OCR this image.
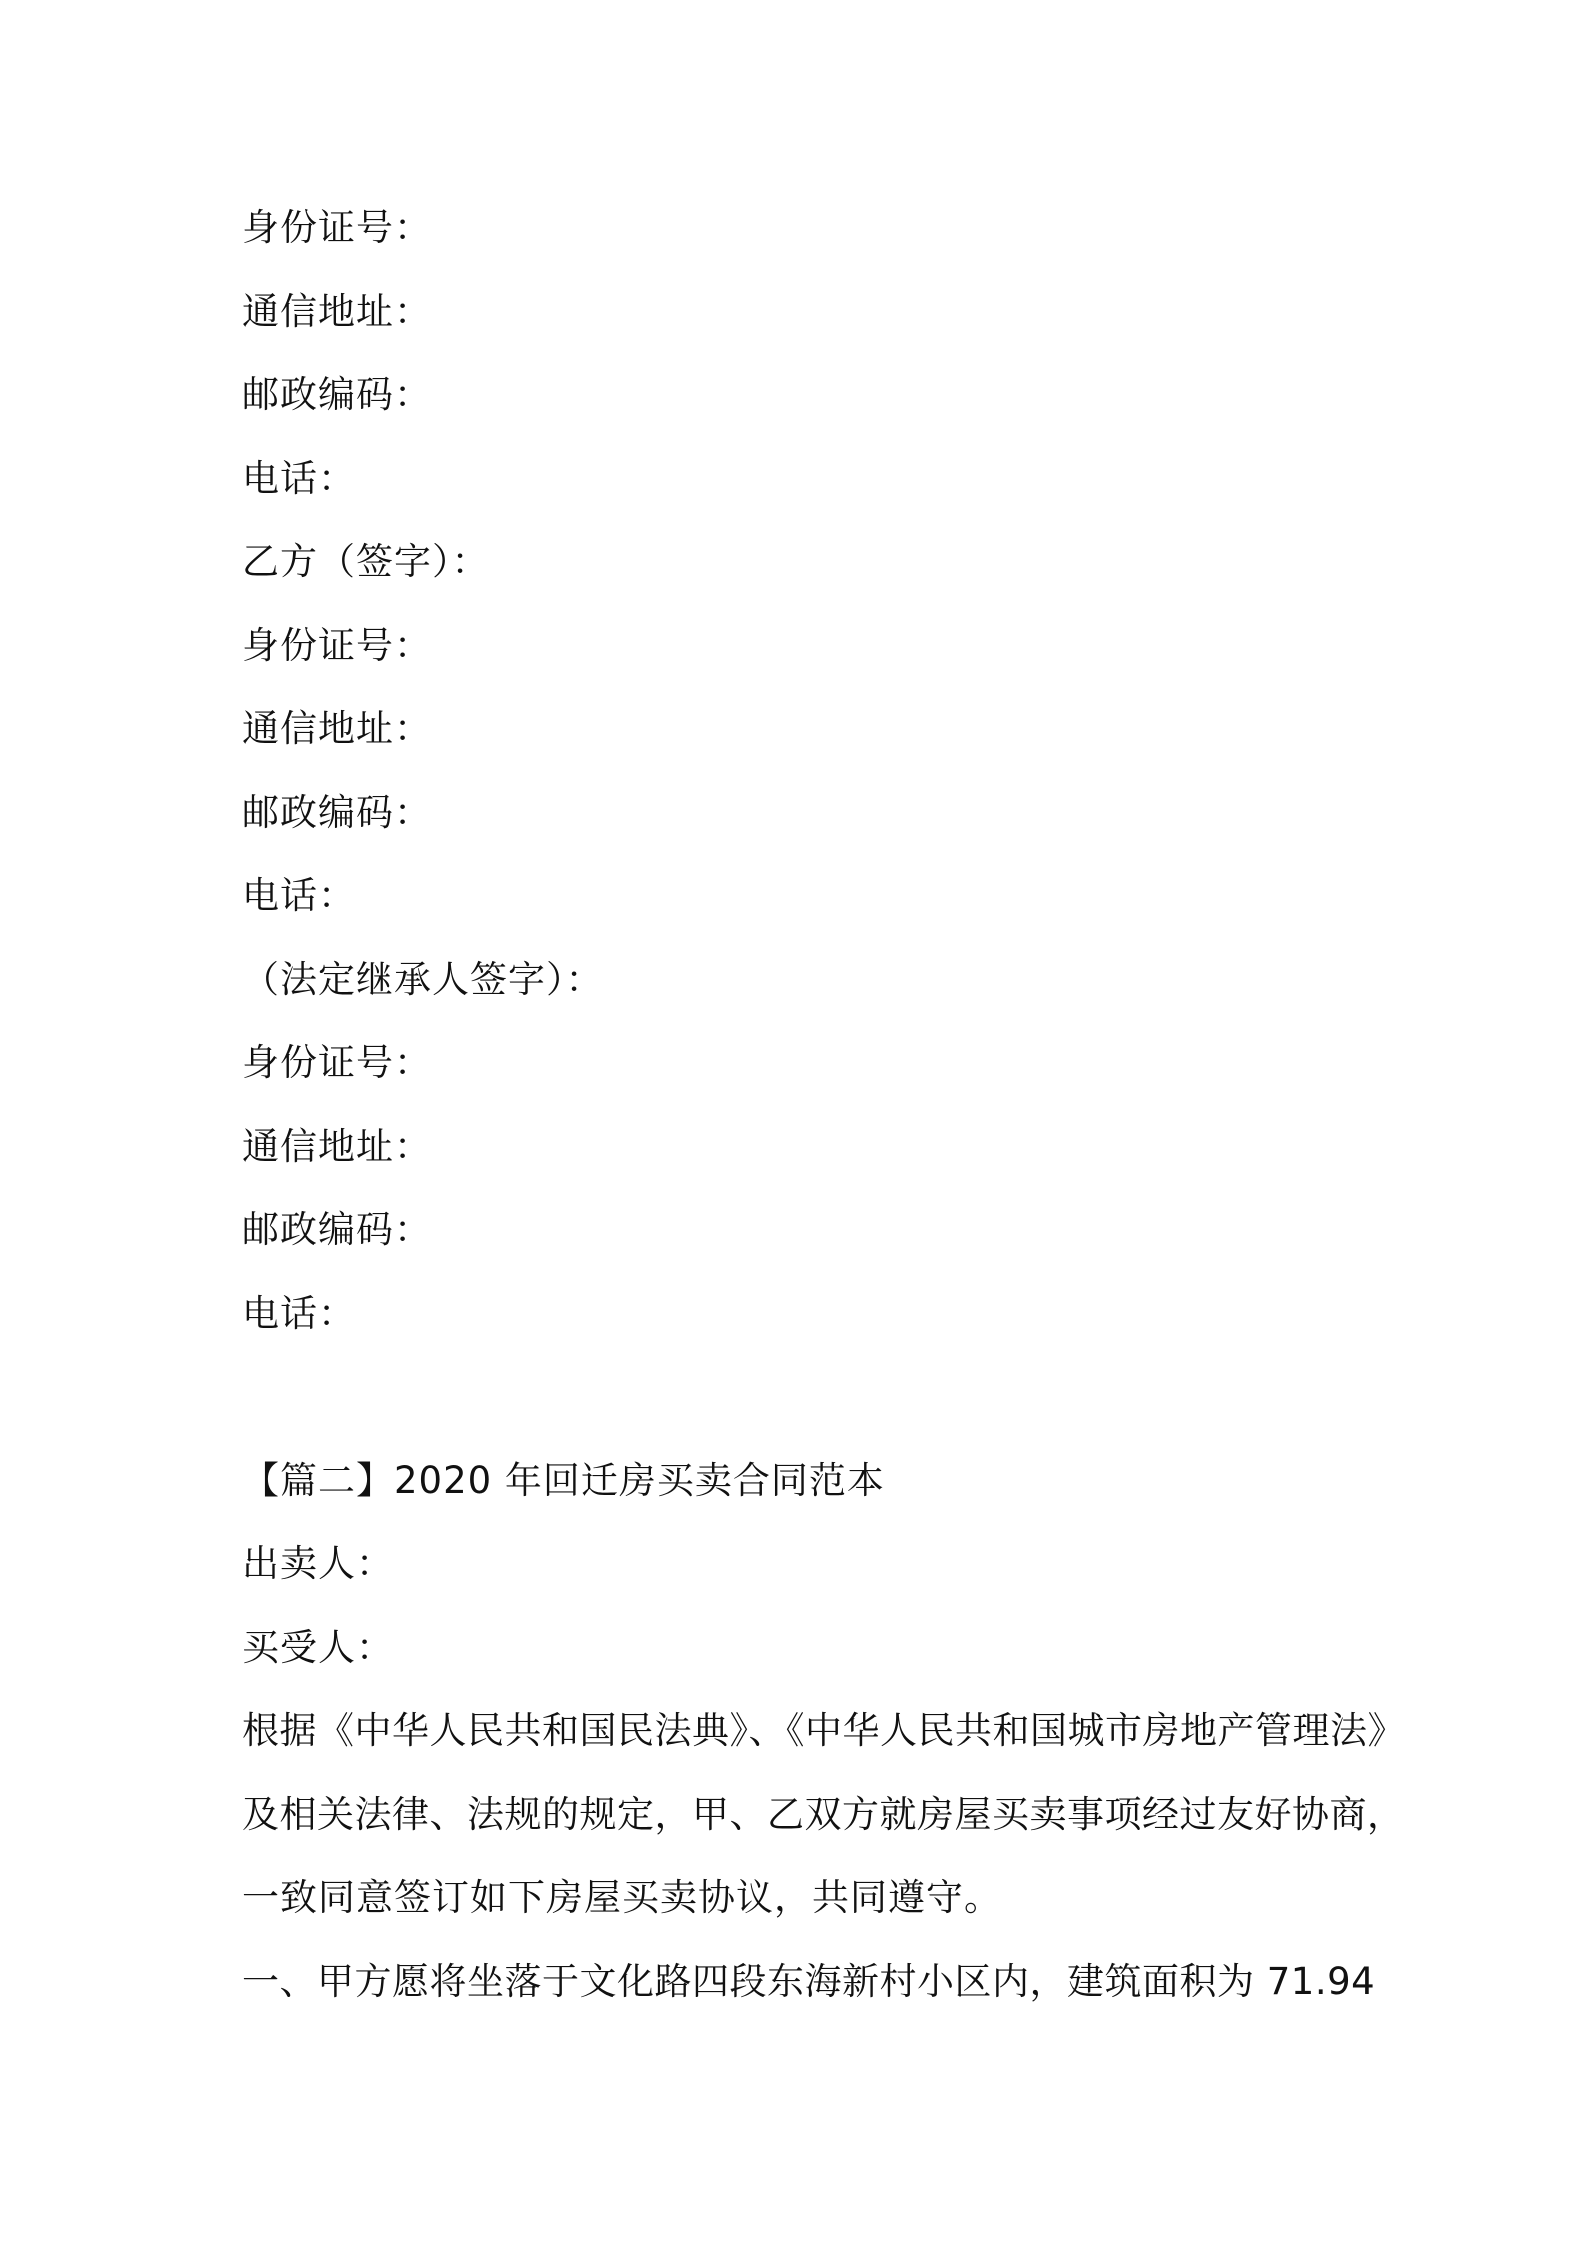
身份证号：
通信地址：
邮政编码：
电话：
乙方（签字）：
身份证号：
通信地址：
邮政编码：
电话：
（法定继承人签字）：
身份证号：
通信地址：
邮政编码：
电话：
【篇二】2020 年回迁房买卖合同范本
出卖人：
买受人：
根据《中华人民共和国民法典》、《中华人民共和国城市房地产管理法》
及相关法律、法规的规定，甲、乙双方就房屋买卖事项经过友好协商，
一致同意签订如下房屋买卖协议，共同遵守。
一、甲方愿将坐落于文化路四段东海新村小区内，建筑面积为 71.94
